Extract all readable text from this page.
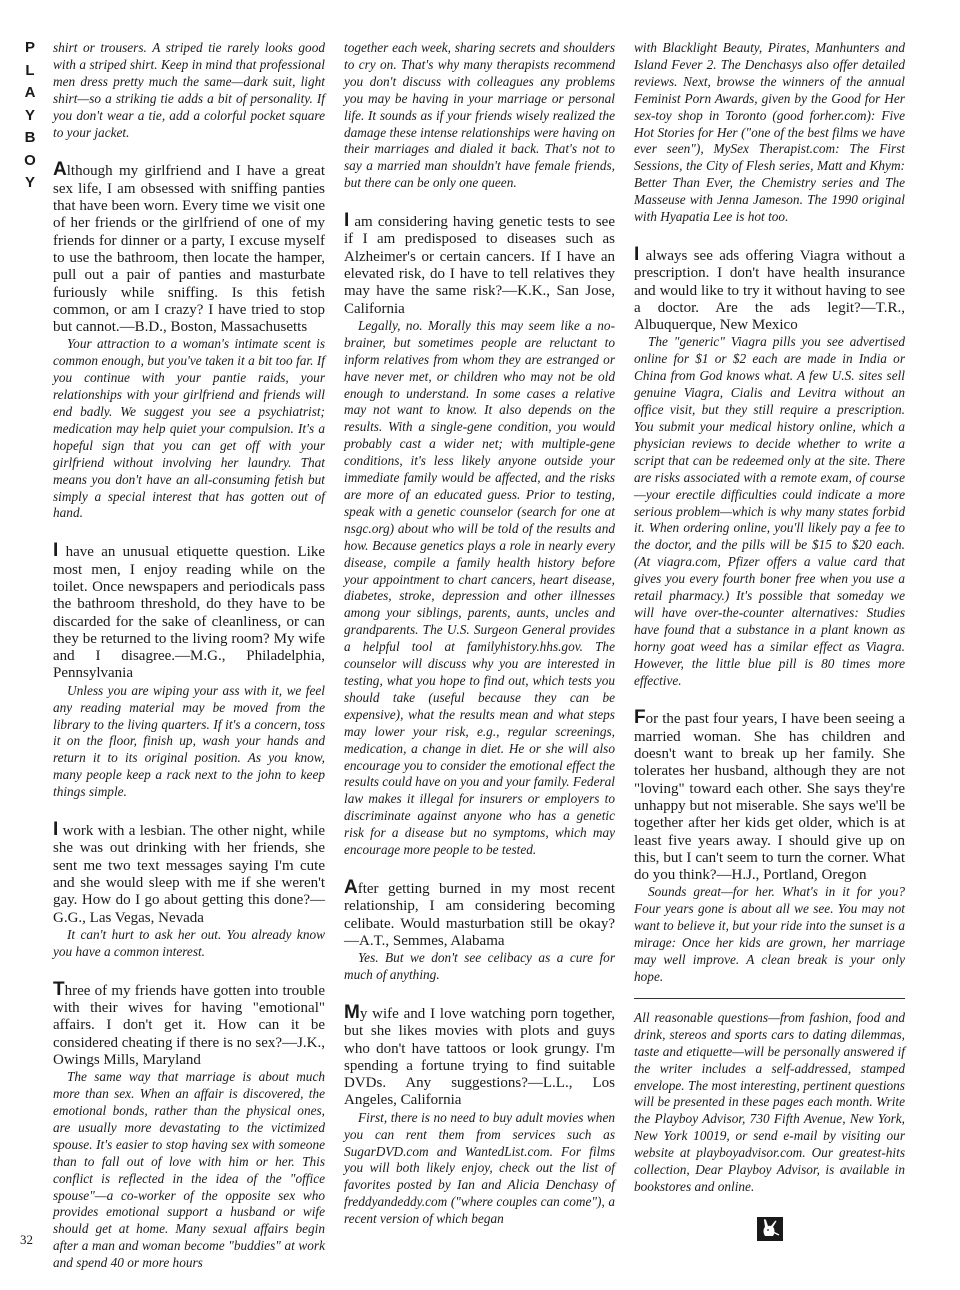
P
L
A
Y
B
O
Y
32

shirt or trousers. A striped tie rarely looks good with a striped shirt. Keep in mind that professional men dress pretty much the same—dark suit, light shirt—so a striking tie adds a bit of personality. If you don't wear a tie, add a colorful pocket square to your jacket.

Although my girlfriend and I have a great sex life, I am obsessed with sniffing panties that have been worn. Every time we visit one of her friends or the girlfriend of one of my friends for dinner or a party, I excuse myself to use the bathroom, then locate the hamper, pull out a pair of panties and masturbate furiously while sniffing. Is this fetish common, or am I crazy? I have tried to stop but cannot.—B.D., Boston, Massachusetts

Your attraction to a woman's intimate scent is common enough, but you've taken it a bit too far. If you continue with your pantie raids, your relationships with your girlfriend and friends will end badly. We suggest you see a psychiatrist; medication may help quiet your compulsion. It's a hopeful sign that you can get off with your girlfriend without involving her laundry. That means you don't have an all-consuming fetish but simply a special interest that has gotten out of hand.

I have an unusual etiquette question. Like most men, I enjoy reading while on the toilet. Once newspapers and periodicals pass the bathroom threshold, do they have to be discarded for the sake of cleanliness, or can they be returned to the living room? My wife and I disagree.—M.G., Philadelphia, Pennsylvania

Unless you are wiping your ass with it, we feel any reading material may be moved from the library to the living quarters. If it's a concern, toss it on the floor, finish up, wash your hands and return it to its original position. As you know, many people keep a rack next to the john to keep things simple.

I work with a lesbian. The other night, while she was out drinking with her friends, she sent me two text messages saying I'm cute and she would sleep with me if she weren't gay. How do I go about getting this done?—G.G., Las Vegas, Nevada

It can't hurt to ask her out. You already know you have a common interest.

Three of my friends have gotten into trouble with their wives for having "emotional" affairs. I don't get it. How can it be considered cheating if there is no sex?—J.K., Owings Mills, Maryland

The same way that marriage is about much more than sex. When an affair is discovered, the emotional bonds, rather than the physical ones, are usually more devastating to the victimized spouse. It's easier to stop having sex with someone than to fall out of love with him or her. This conflict is reflected in the idea of the "office spouse"—a co-worker of the opposite sex who provides emotional support a husband or wife should get at home. Many sexual affairs begin after a man and woman become "buddies" at work and spend 40 or more hours

together each week, sharing secrets and shoulders to cry on. That's why many therapists recommend you don't discuss with colleagues any problems you may be having in your marriage or personal life. It sounds as if your friends wisely realized the damage these intense relationships were having on their marriages and dialed it back. That's not to say a married man shouldn't have female friends, but there can be only one queen.

I am considering having genetic tests to see if I am predisposed to diseases such as Alzheimer's or certain cancers. If I have an elevated risk, do I have to tell relatives they may have the same risk?—K.K., San Jose, California

Legally, no. Morally this may seem like a no-brainer, but sometimes people are reluctant to inform relatives from whom they are estranged or have never met, or children who may not be old enough to understand. In some cases a relative may not want to know. It also depends on the results. With a single-gene condition, you would probably cast a wider net; with multiple-gene conditions, it's less likely anyone outside your immediate family would be affected, and the risks are more of an educated guess. Prior to testing, speak with a genetic counselor (search for one at nsgc.org) about who will be told of the results and how. Because genetics plays a role in nearly every disease, compile a family health history before your appointment to chart cancers, heart disease, diabetes, stroke, depression and other illnesses among your siblings, parents, aunts, uncles and grandparents. The U.S. Surgeon General provides a helpful tool at familyhistory.hhs.gov. The counselor will discuss why you are interested in testing, what you hope to find out, which tests you should take (useful because they can be expensive), what the results mean and what steps may lower your risk, e.g., regular screenings, medication, a change in diet. He or she will also encourage you to consider the emotional effect the results could have on you and your family. Federal law makes it illegal for insurers or employers to discriminate against anyone who has a genetic risk for a disease but no symptoms, which may encourage more people to be tested.

After getting burned in my most recent relationship, I am considering becoming celibate. Would masturbation still be okay?—A.T., Semmes, Alabama

Yes. But we don't see celibacy as a cure for much of anything.

My wife and I love watching porn together, but she likes movies with plots and guys who don't have tattoos or look grungy. I'm spending a fortune trying to find suitable DVDs. Any suggestions?—L.L., Los Angeles, California

First, there is no need to buy adult movies when you can rent them from services such as SugarDVD.com and WantedList.com. For films you will both likely enjoy, check out the list of favorites posted by Ian and Alicia Denchasy of freddyandeddy.com ("where couples can come"), a recent version of which began

with Blacklight Beauty, Pirates, Manhunters and Island Fever 2. The Denchasys also offer detailed reviews. Next, browse the winners of the annual Feminist Porn Awards, given by the Good for Her sex-toy shop in Toronto (good forher.com): Five Hot Stories for Her ("one of the best films we have ever seen"), MySex Therapist.com: The First Sessions, the City of Flesh series, Matt and Khym: Better Than Ever, the Chemistry series and The Masseuse with Jenna Jameson. The 1990 original with Hyapatia Lee is hot too.

I always see ads offering Viagra without a prescription. I don't have health insurance and would like to try it without having to see a doctor. Are the ads legit?—T.R., Albuquerque, New Mexico

The "generic" Viagra pills you see advertised online for $1 or $2 each are made in India or China from God knows what. A few U.S. sites sell genuine Viagra, Cialis and Levitra without an office visit, but they still require a prescription. You submit your medical history online, which a physician reviews to decide whether to write a script that can be redeemed only at the site. There are risks associated with a remote exam, of course—your erectile difficulties could indicate a more serious problem—which is why many states forbid it. When ordering online, you'll likely pay a fee to the doctor, and the pills will be $15 to $20 each. (At viagra.com, Pfizer offers a value card that gives you every fourth boner free when you use a retail pharmacy.) It's possible that someday we will have over-the-counter alternatives: Studies have found that a substance in a plant known as horny goat weed has a similar effect as Viagra. However, the little blue pill is 80 times more effective.

For the past four years, I have been seeing a married woman. She has children and doesn't want to break up her family. She tolerates her husband, although they are not "loving" toward each other. She says they're unhappy but not miserable. She says we'll be together after her kids get older, which is at least five years away. I should give up on this, but I can't seem to turn the corner. What do you think?—H.J., Portland, Oregon

Sounds great—for her. What's in it for you? Four years gone is about all we see. You may not want to believe it, but your ride into the sunset is a mirage: Once her kids are grown, her marriage may well improve. A clean break is your only hope.

All reasonable questions—from fashion, food and drink, stereos and sports cars to dating dilemmas, taste and etiquette—will be personally answered if the writer includes a self-addressed, stamped envelope. The most interesting, pertinent questions will be presented in these pages each month. Write the Playboy Advisor, 730 Fifth Avenue, New York, New York 10019, or send e-mail by visiting our website at playboyadvisor.com. Our greatest-hits collection, Dear Playboy Advisor, is available in bookstores and online.
